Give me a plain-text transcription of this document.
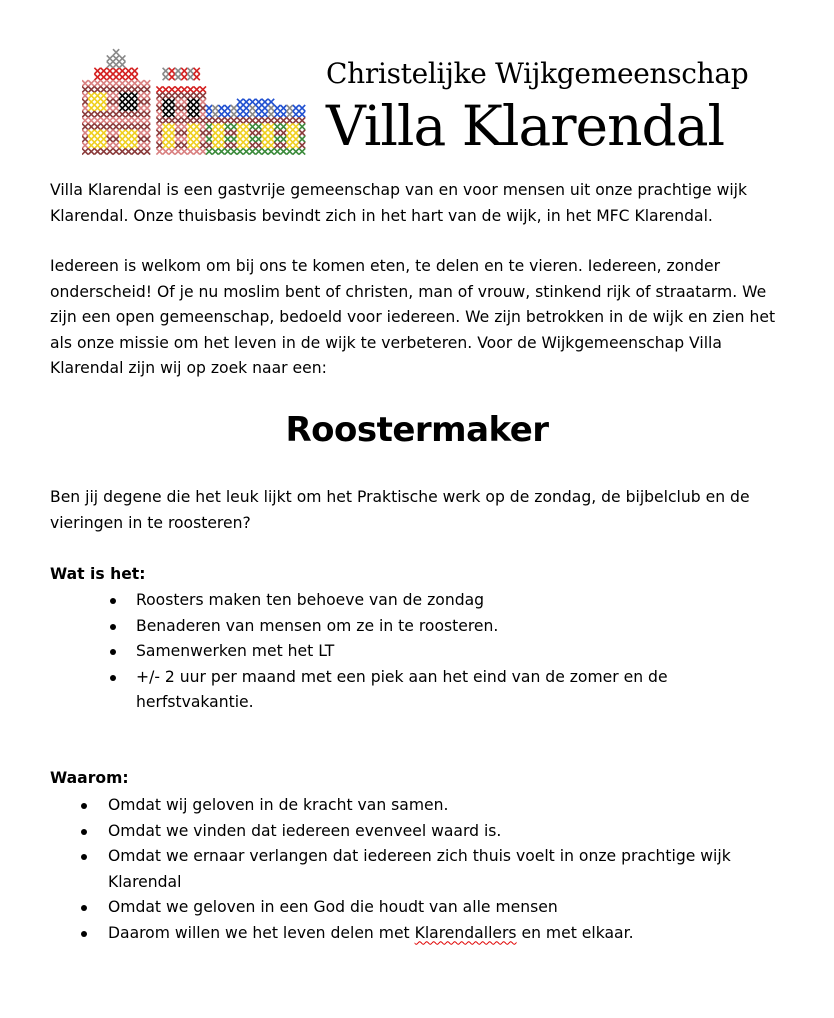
Christelijke Wijkgemeenschap
Villa Klarendal

Villa Klarendal is een gastvrije gemeenschap van en voor mensen uit onze prachtige wijk Klarendal. Onze thuisbasis bevindt zich in het hart van de wijk, in het MFC Klarendal.

Iedereen is welkom om bij ons te komen eten, te delen en te vieren. Iedereen, zonder onderscheid! Of je nu moslim bent of christen, man of vrouw, stinkend rijk of straatarm. We zijn een open gemeenschap, bedoeld voor iedereen. We zijn betrokken in de wijk en zien het als onze missie om het leven in de wijk te verbeteren. Voor de Wijkgemeenschap Villa Klarendal zijn wij op zoek naar een:

Roostermaker

Ben jij degene die het leuk lijkt om het Praktische werk op de zondag, de bijbelclub en de vieringen in te roosteren?

Wat is het:
Roosters maken ten behoeve van de zondag
Benaderen van mensen om ze in te roosteren.
Samenwerken met het LT
+/- 2 uur per maand met een piek aan het eind van de zomer en de herfstvakantie.
Waarom:
Omdat wij geloven in de kracht van samen.
Omdat we vinden dat iedereen evenveel waard is.
Omdat we ernaar verlangen dat iedereen zich thuis voelt in onze prachtige wijk Klarendal
Omdat we geloven in een God die houdt van alle mensen
Daarom willen we het leven delen met Klarendallers en met elkaar.
